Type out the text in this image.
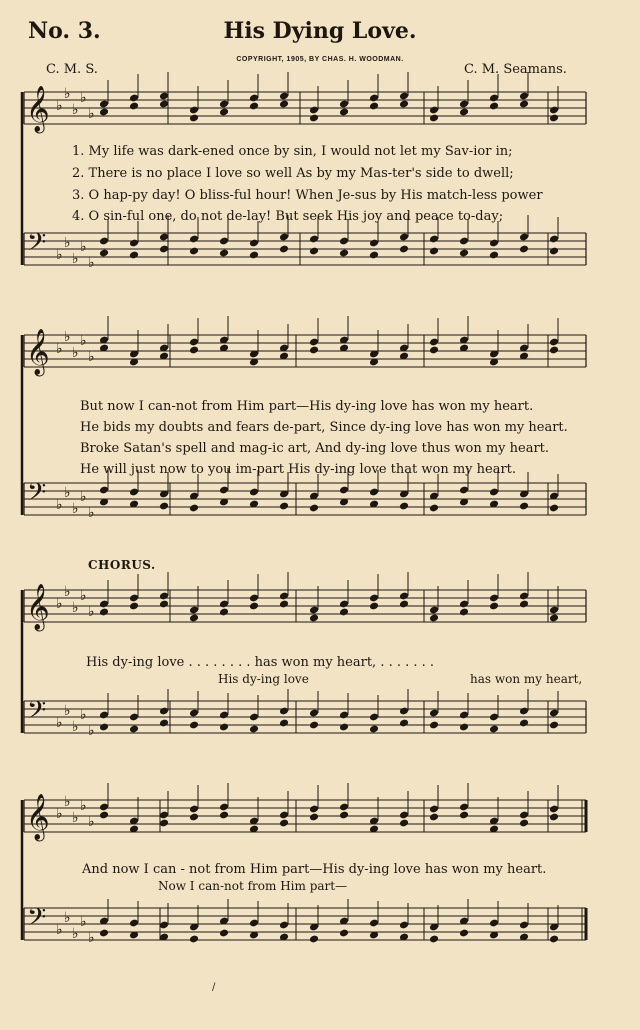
No. 3.	His Dying Love.
COPYRIGHT, 1905, BY CHAS. H. WOODMAN.
C. M. S.	C. M. Seamans.
𝄞
𝄢
♭
♭
♭
♭
♭
♭
♭
♭
♭
♭
𝄞
𝄢
♭
♭
♭
♭
♭
♭
♭
♭
♭
♭
𝄞
𝄢
♭
♭
♭
♭
♭
♭
♭
♭
♭
♭
𝄞
𝄢
♭
♭
♭
♭
♭
♭
♭
♭
♭
♭
1. My life was dark-ened once by sin, I would not let my Sav-ior in;
2. There is no place I love so well As by my Mas-ter's side to dwell;
3. O hap-py day! O bliss-ful hour! When Je-sus by His match-less power
4. O sin-ful one, do not de-lay! But seek His joy and peace to-day;
But now I can-not from Him part—His dy-ing love has won my heart.
He bids my doubts and fears de-part, Since dy-ing love has won my heart.
Broke Satan's spell and mag-ic art, And dy-ing love thus won my heart.
He will just now to you im-part His dy-ing love that won my heart.
CHORUS.
His dy-ing love . . . . . . . . has won my heart, . . . . . . .
His dy-ing love	has won my heart,
And now I can - not from Him part—His dy-ing love has won my heart.
Now I can-not from Him part—
/
